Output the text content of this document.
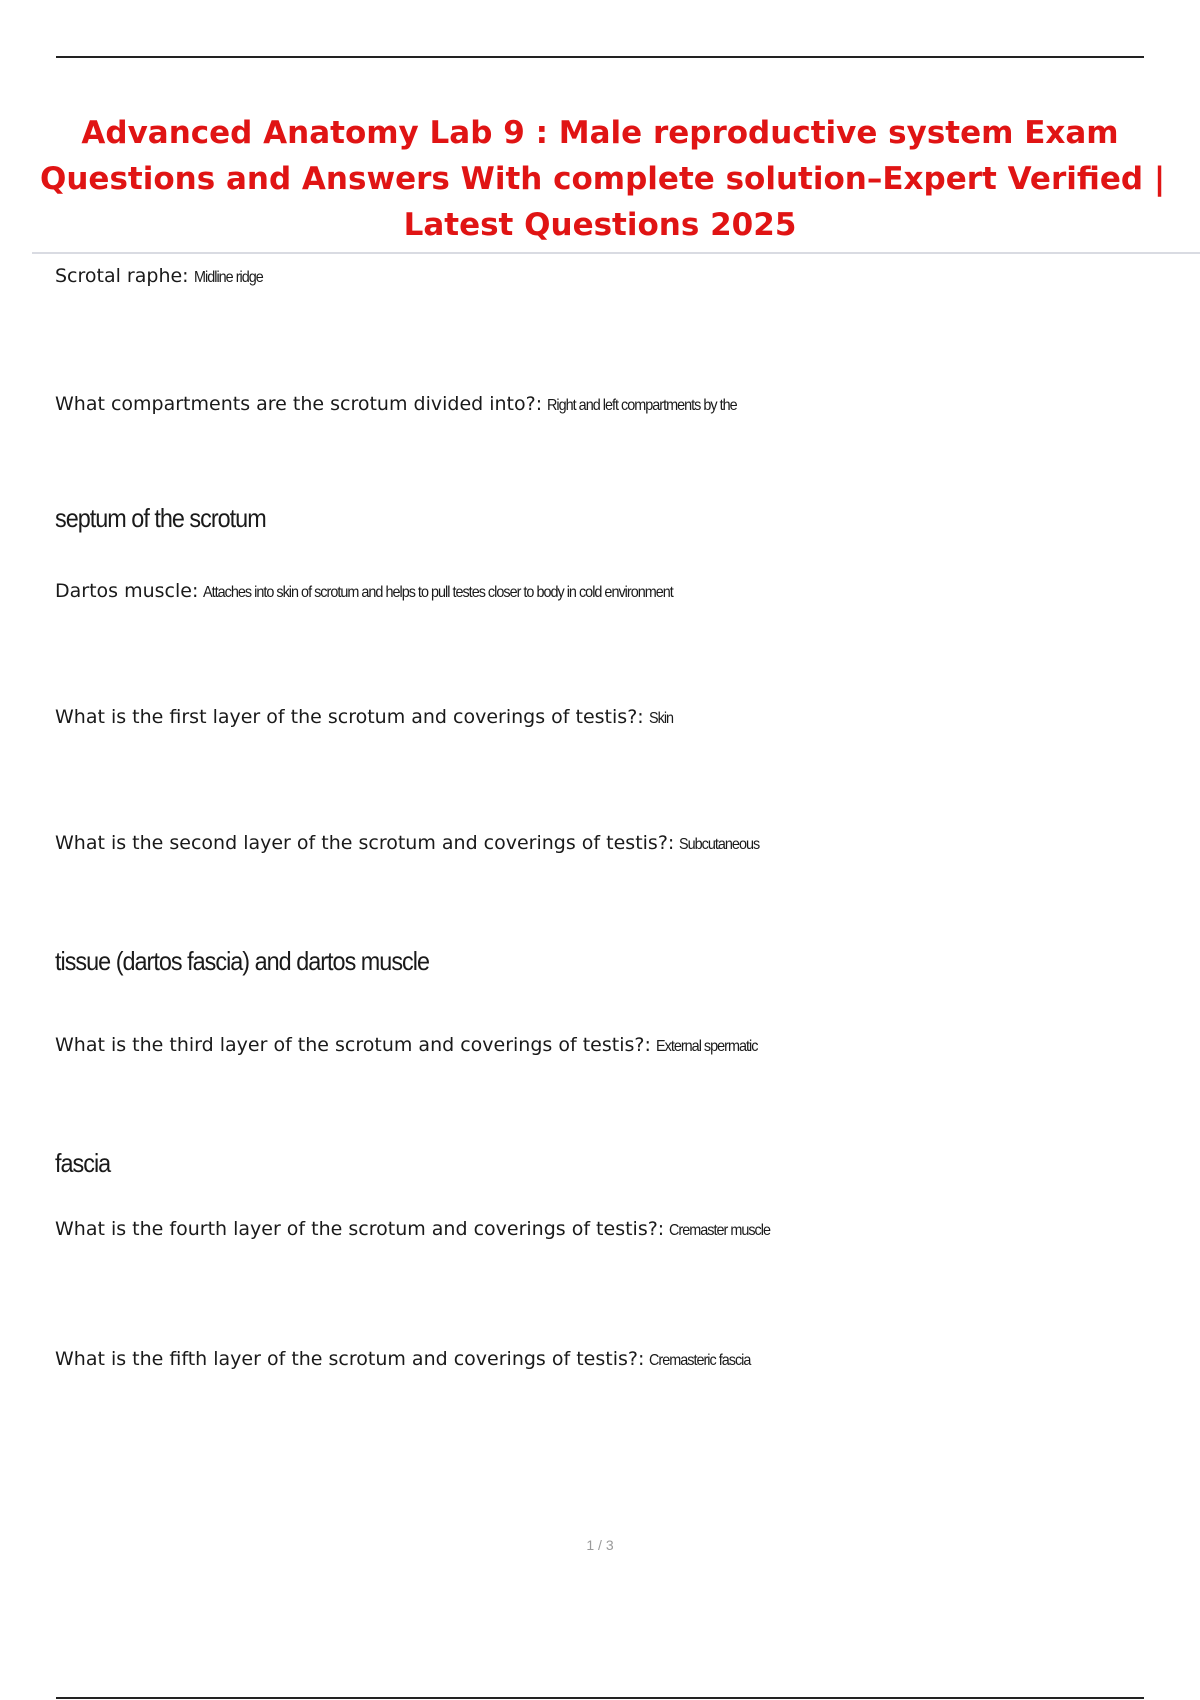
Advanced Anatomy Lab 9 : Male reproductive system Exam
Questions and Answers With complete solution–Expert Verified |
Latest Questions 2025

Scrotal raphe: Midline ridge

What compartments are the scrotum divided into?: Right and left compartments by the

septum of the scrotum

Dartos muscle: Attaches into skin of scrotum and helps to pull testes closer to body in cold environment

What is the first layer of the scrotum and coverings of testis?: Skin

What is the second layer of the scrotum and coverings of testis?: Subcutaneous

tissue (dartos fascia) and dartos muscle

What is the third layer of the scrotum and coverings of testis?: External spermatic

fascia

What is the fourth layer of the scrotum and coverings of testis?: Cremaster muscle

What is the fifth layer of the scrotum and coverings of testis?: Cremasteric fascia

1 / 3
